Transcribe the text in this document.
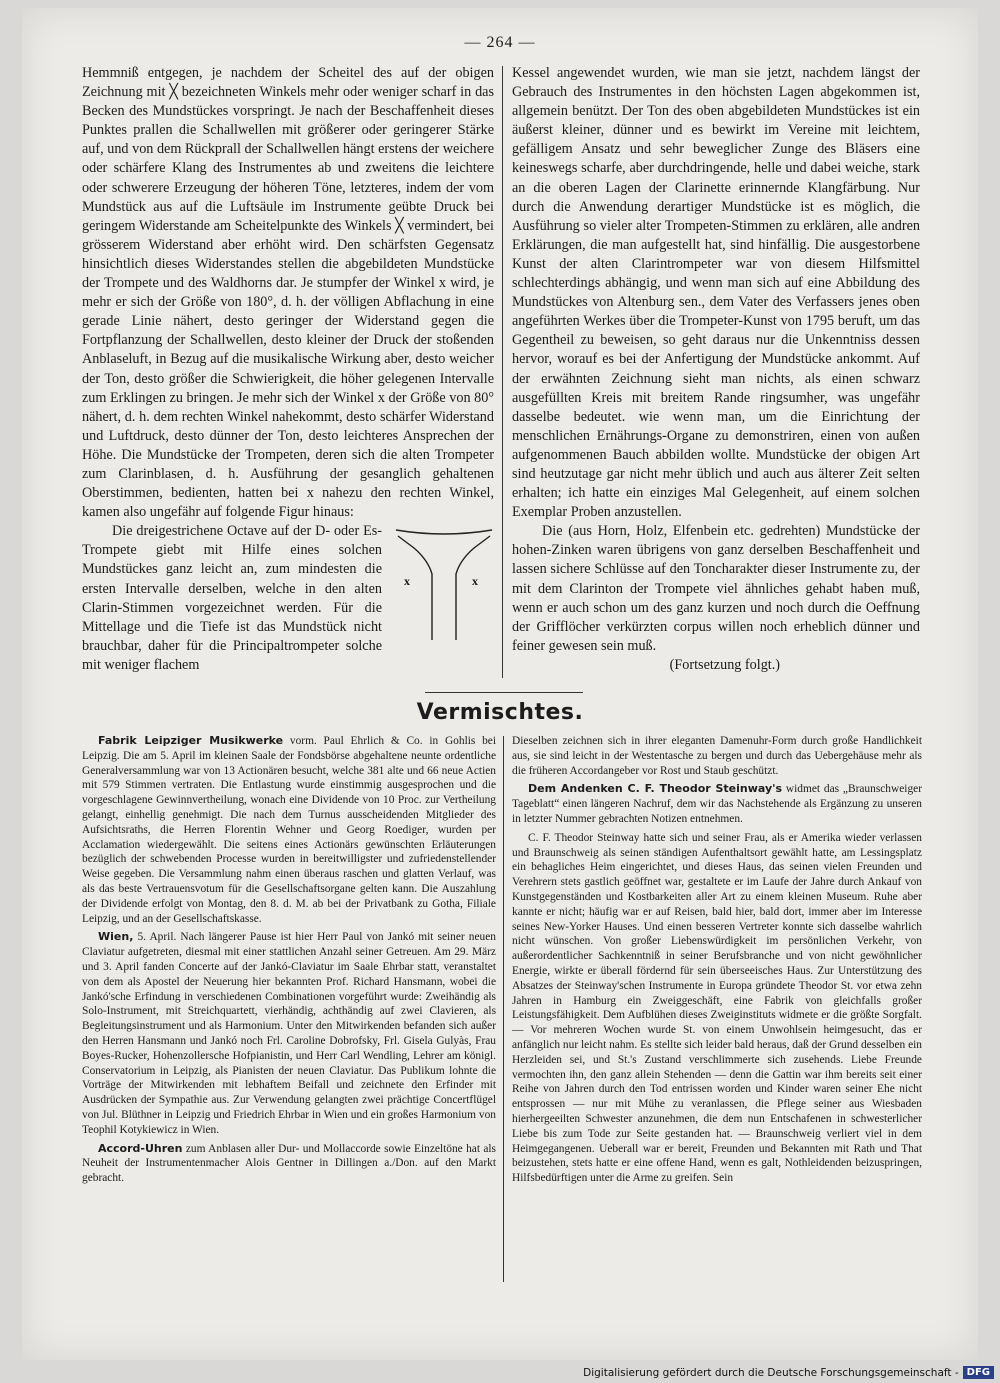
— 264 —

Hemmniß entgegen, je nachdem der Scheitel des auf der obigen Zeichnung mit ╳ bezeichneten Winkels mehr oder weniger scharf in das Becken des Mundstückes vorspringt. Je nach der Beschaffenheit dieses Punktes prallen die Schallwellen mit größerer oder geringerer Stärke auf, und von dem Rückprall der Schallwellen hängt erstens der weichere oder schärfere Klang des Instrumentes ab und zweitens die leichtere oder schwerere Erzeugung der höheren Töne, letzteres, indem der vom Mundstück aus auf die Luftsäule im Instrumente geübte Druck bei geringem Widerstande am Scheitelpunkte des Winkels ╳ vermindert, bei grösserem Widerstand aber erhöht wird. Den schärfsten Gegensatz hinsichtlich dieses Widerstandes stellen die abgebildeten Mundstücke der Trompete und des Waldhorns dar. Je stumpfer der Winkel x wird, je mehr er sich der Größe von 180°, d. h. der völligen Abflachung in eine gerade Linie nähert, desto geringer der Widerstand gegen die Fortpflanzung der Schallwellen, desto kleiner der Druck der stoßenden Anblaseluft, in Bezug auf die musikalische Wirkung aber, desto weicher der Ton, desto größer die Schwierigkeit, die höher gelegenen Intervalle zum Erklingen zu bringen. Je mehr sich der Winkel x der Größe von 80° nähert, d. h. dem rechten Winkel nahekommt, desto schärfer Widerstand und Luftdruck, desto dünner der Ton, desto leichteres Ansprechen der Höhe. Die Mundstücke der Trompeten, deren sich die alten Trompeter zum Clarinblasen, d. h. Ausführung der gesanglich gehaltenen Oberstimmen, bedienten, hatten bei x nahezu den rechten Winkel, kamen also ungefähr auf folgende Figur hinaus:

x	x

Die dreigestrichene Octave auf der D- oder Es-Trompete giebt mit Hilfe eines solchen Mundstückes ganz leicht an, zum mindesten die ersten Intervalle derselben, welche in den alten Clarin-Stimmen vorgezeichnet werden. Für die Mittellage und die Tiefe ist das Mundstück nicht brauchbar, daher für die Principaltrompeter solche mit weniger flachem

Kessel angewendet wurden, wie man sie jetzt, nachdem längst der Gebrauch des Instrumentes in den höchsten Lagen abgekommen ist, allgemein benützt. Der Ton des oben abgebildeten Mundstückes ist ein äußerst kleiner, dünner und es bewirkt im Vereine mit leichtem, gefälligem Ansatz und sehr beweglicher Zunge des Bläsers eine keineswegs scharfe, aber durchdringende, helle und dabei weiche, stark an die oberen Lagen der Clarinette erinnernde Klangfärbung. Nur durch die Anwendung derartiger Mundstücke ist es möglich, die Ausführung so vieler alter Trompeten-Stimmen zu erklären, alle andren Erklärungen, die man aufgestellt hat, sind hinfällig. Die ausgestorbene Kunst der alten Clarintrompeter war von diesem Hilfsmittel schlechterdings abhängig, und wenn man sich auf eine Abbildung des Mundstückes von Altenburg sen., dem Vater des Verfassers jenes oben angeführten Werkes über die Trompeter-Kunst von 1795 beruft, um das Gegentheil zu beweisen, so geht daraus nur die Unkenntniss dessen hervor, worauf es bei der Anfertigung der Mundstücke ankommt. Auf der erwähnten Zeichnung sieht man nichts, als einen schwarz ausgefüllten Kreis mit breitem Rande ringsumher, was ungefähr dasselbe bedeutet. wie wenn man, um die Einrichtung der menschlichen Ernährungs-Organe zu demonstriren, einen von außen aufgenommenen Bauch abbilden wollte. Mundstücke der obigen Art sind heutzutage gar nicht mehr üblich und auch aus älterer Zeit selten erhalten; ich hatte ein einziges Mal Gelegenheit, auf einem solchen Exemplar Proben anzustellen.

Die (aus Horn, Holz, Elfenbein etc. gedrehten) Mundstücke der hohen-Zinken waren übrigens von ganz derselben Beschaffenheit und lassen sichere Schlüsse auf den Toncharakter dieser Instrumente zu, der mit dem Clarinton der Trompete viel ähnliches gehabt haben muß, wenn er auch schon um des ganz kurzen und noch durch die Oeffnung der Grifflöcher verkürzten corpus willen noch erheblich dünner und feiner gewesen sein muß.

(Fortsetzung folgt.)

Vermischtes.

Fabrik Leipziger Musikwerke vorm. Paul Ehrlich & Co. in Gohlis bei Leipzig. Die am 5. April im kleinen Saale der Fondsbörse abgehaltene neunte ordentliche Generalversammlung war von 13 Actionären besucht, welche 381 alte und 66 neue Actien mit 579 Stimmen vertraten. Die Entlastung wurde einstimmig ausgesprochen und die vorgeschlagene Gewinnvertheilung, wonach eine Dividende von 10 Proc. zur Vertheilung gelangt, einhellig genehmigt. Die nach dem Turnus ausscheidenden Mitglieder des Aufsichtsraths, die Herren Florentin Wehner und Georg Roediger, wurden per Acclamation wiedergewählt. Die seitens eines Actionärs gewünschten Erläuterungen bezüglich der schwebenden Processe wurden in bereitwilligster und zufriedenstellender Weise gegeben. Die Versammlung nahm einen überaus raschen und glatten Verlauf, was als das beste Vertrauensvotum für die Gesellschaftsorgane gelten kann. Die Auszahlung der Dividende erfolgt von Montag, den 8. d. M. ab bei der Privatbank zu Gotha, Filiale Leipzig, und an der Gesellschaftskasse.

Wien, 5. April. Nach längerer Pause ist hier Herr Paul von Jankó mit seiner neuen Claviatur aufgetreten, diesmal mit einer stattlichen Anzahl seiner Getreuen. Am 29. März und 3. April fanden Concerte auf der Jankó-Claviatur im Saale Ehrbar statt, veranstaltet von dem als Apostel der Neuerung hier bekannten Prof. Richard Hansmann, wobei die Jankó'sche Erfindung in verschiedenen Combinationen vorgeführt wurde: Zweihändig als Solo-Instrument, mit Streichquartett, vierhändig, achthändig auf zwei Clavieren, als Begleitungsinstrument und als Harmonium. Unter den Mitwirkenden befanden sich außer den Herren Hansmann und Jankó noch Frl. Caroline Dobrofsky, Frl. Gisela Gulyàs, Frau Boyes-Rucker, Hohenzollersche Hofpianistin, und Herr Carl Wendling, Lehrer am königl. Conservatorium in Leipzig, als Pianisten der neuen Claviatur. Das Publikum lohnte die Vorträge der Mitwirkenden mit lebhaftem Beifall und zeichnete den Erfinder mit Ausdrücken der Sympathie aus. Zur Verwendung gelangten zwei prächtige Concertflügel von Jul. Blüthner in Leipzig und Friedrich Ehrbar in Wien und ein großes Harmonium von Teophil Kotykiewicz in Wien.

Accord-Uhren zum Anblasen aller Dur- und Mollaccorde sowie Einzeltöne hat als Neuheit der Instrumentenmacher Alois Gentner in Dillingen a./Don. auf den Markt gebracht.

Dieselben zeichnen sich in ihrer eleganten Damenuhr-Form durch große Handlichkeit aus, sie sind leicht in der Westentasche zu bergen und durch das Uebergehäuse mehr als die früheren Accordangeber vor Rost und Staub geschützt.

Dem Andenken C. F. Theodor Steinway's widmet das „Braunschweiger Tageblatt“ einen längeren Nachruf, dem wir das Nachstehende als Ergänzung zu unseren in letzter Nummer gebrachten Notizen entnehmen.

C. F. Theodor Steinway hatte sich und seiner Frau, als er Amerika wieder verlassen und Braunschweig als seinen ständigen Aufenthaltsort gewählt hatte, am Lessingsplatz ein behagliches Heim eingerichtet, und dieses Haus, das seinen vielen Freunden und Verehrern stets gastlich geöffnet war, gestaltete er im Laufe der Jahre durch Ankauf von Kunstgegenständen und Kostbarkeiten aller Art zu einem kleinen Museum. Ruhe aber kannte er nicht; häufig war er auf Reisen, bald hier, bald dort, immer aber im Interesse seines New-Yorker Hauses. Und einen besseren Vertreter konnte sich dasselbe wahrlich nicht wünschen. Von großer Liebenswürdigkeit im persönlichen Verkehr, von außerordentlicher Sachkenntniß in seiner Berufsbranche und von nicht gewöhnlicher Energie, wirkte er überall fördernd für sein überseeisches Haus. Zur Unterstützung des Absatzes der Steinway'schen Instrumente in Europa gründete Theodor St. vor etwa zehn Jahren in Hamburg ein Zweiggeschäft, eine Fabrik von gleichfalls großer Leistungsfähigkeit. Dem Aufblühen dieses Zweiginstituts widmete er die größte Sorgfalt. — Vor mehreren Wochen wurde St. von einem Unwohlsein heimgesucht, das er anfänglich nur leicht nahm. Es stellte sich leider bald heraus, daß der Grund desselben ein Herzleiden sei, und St.'s Zustand verschlimmerte sich zusehends. Liebe Freunde vermochten ihn, den ganz allein Stehenden — denn die Gattin war ihm bereits seit einer Reihe von Jahren durch den Tod entrissen worden und Kinder waren seiner Ehe nicht entsprossen — nur mit Mühe zu veranlassen, die Pflege seiner aus Wiesbaden hierhergeeilten Schwester anzunehmen, die dem nun Entschafenen in schwesterlicher Liebe bis zum Tode zur Seite gestanden hat. — Braunschweig verliert viel in dem Heimgegangenen. Ueberall war er bereit, Freunden und Bekannten mit Rath und That beizustehen, stets hatte er eine offene Hand, wenn es galt, Nothleidenden beizuspringen, Hilfsbedürftigen unter die Arme zu greifen. Sein

Digitalisierung gefördert durch die Deutsche Forschungsgemeinschaft - DFG
